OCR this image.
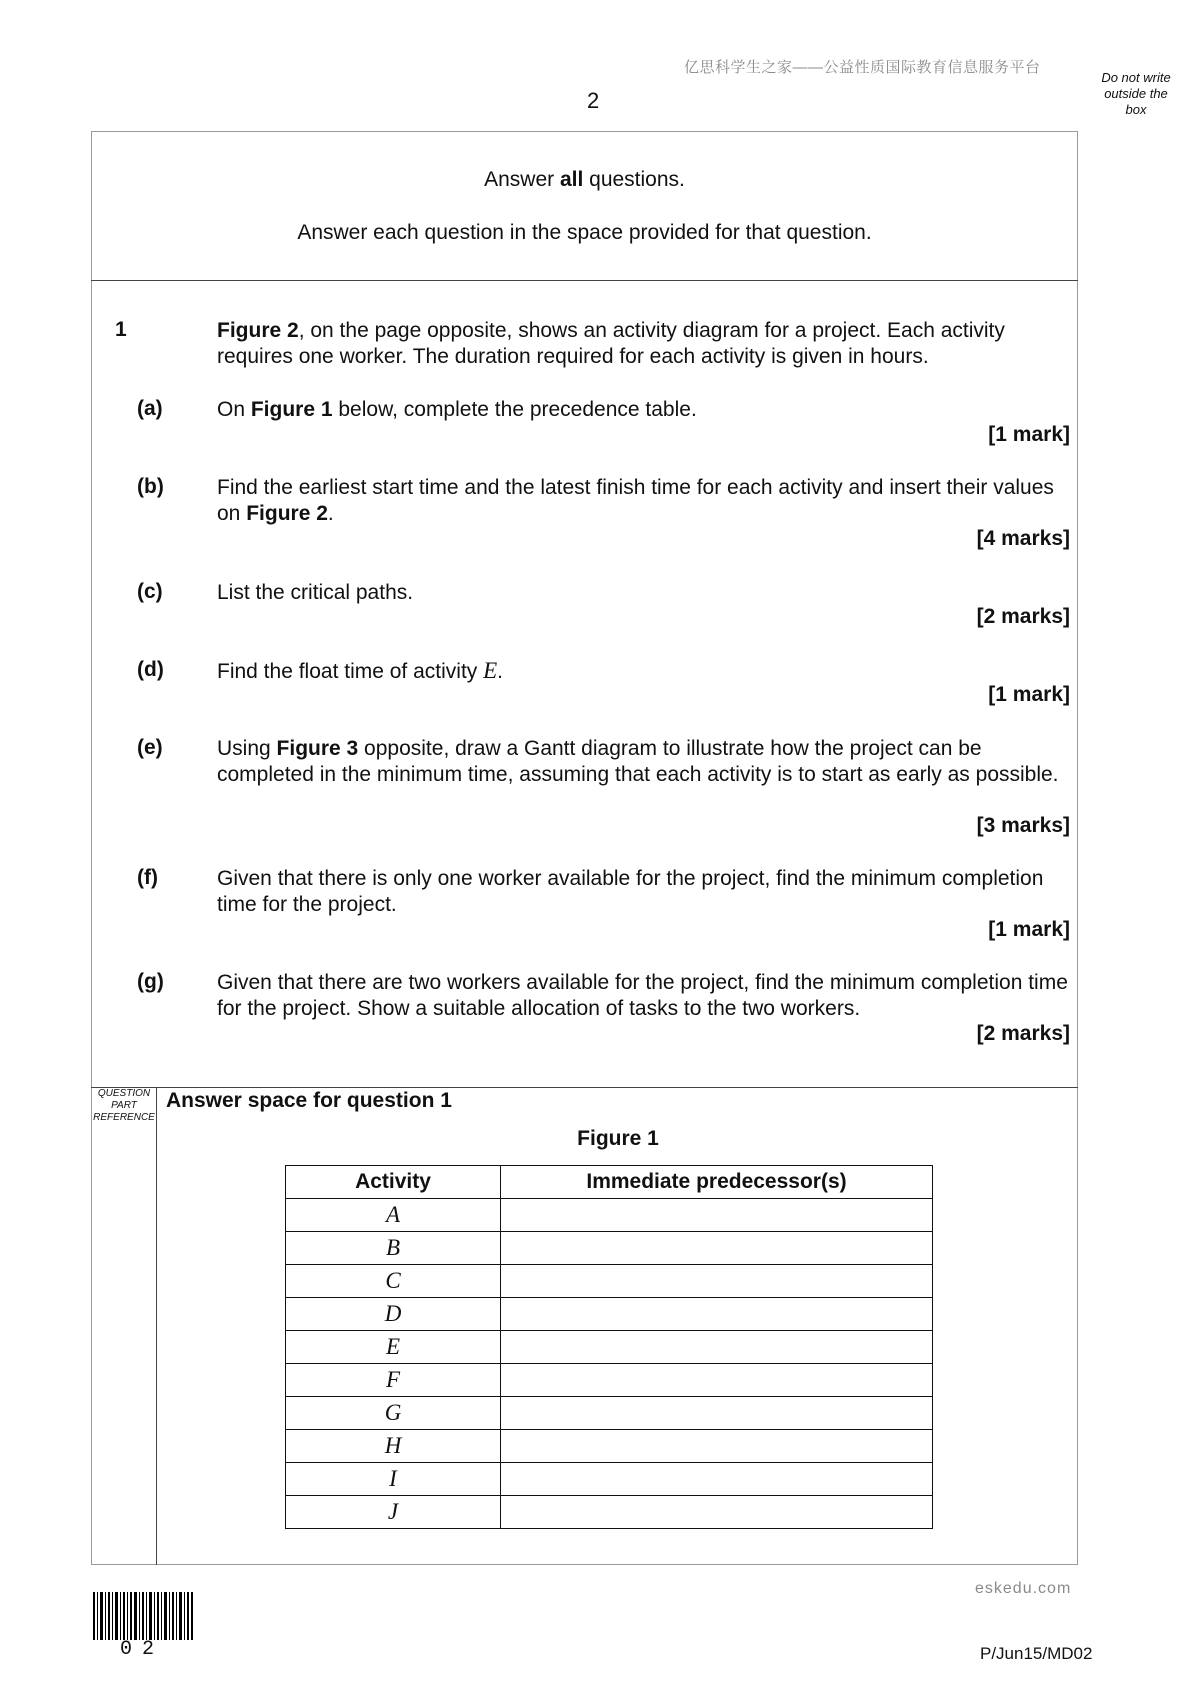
亿思科学生之家——公益性质国际教育信息服务平台
2
Do not write
outside the
box
Answer all questions.
Answer each question in the space provided for that question.
1	Figure 2, on the page opposite, shows an activity diagram for a project. Each activity requires one worker. The duration required for each activity is given in hours.
(a)	On Figure 1 below, complete the precedence table.
[1 mark]
(b)	Find the earliest start time and the latest finish time for each activity and insert their values on Figure 2.
[4 marks]
(c)	List the critical paths.
[2 marks]
(d)	Find the float time of activity E.
[1 mark]
(e)	Using Figure 3 opposite, draw a Gantt diagram to illustrate how the project can be completed in the minimum time, assuming that each activity is to start as early as possible.
[3 marks]
(f)	Given that there is only one worker available for the project, find the minimum completion time for the project.
[1 mark]
(g)	Given that there are two workers available for the project, find the minimum completion time for the project. Show a suitable allocation of tasks to the two workers.
[2 marks]
QUESTION
PART
REFERENCE
Answer space for question 1
Figure 1
Activity	Immediate predecessor(s)
A	
B	
C	
D	
E	
F	
G	
H	
I	
J	
02
eskedu.com
P/Jun15/MD02
